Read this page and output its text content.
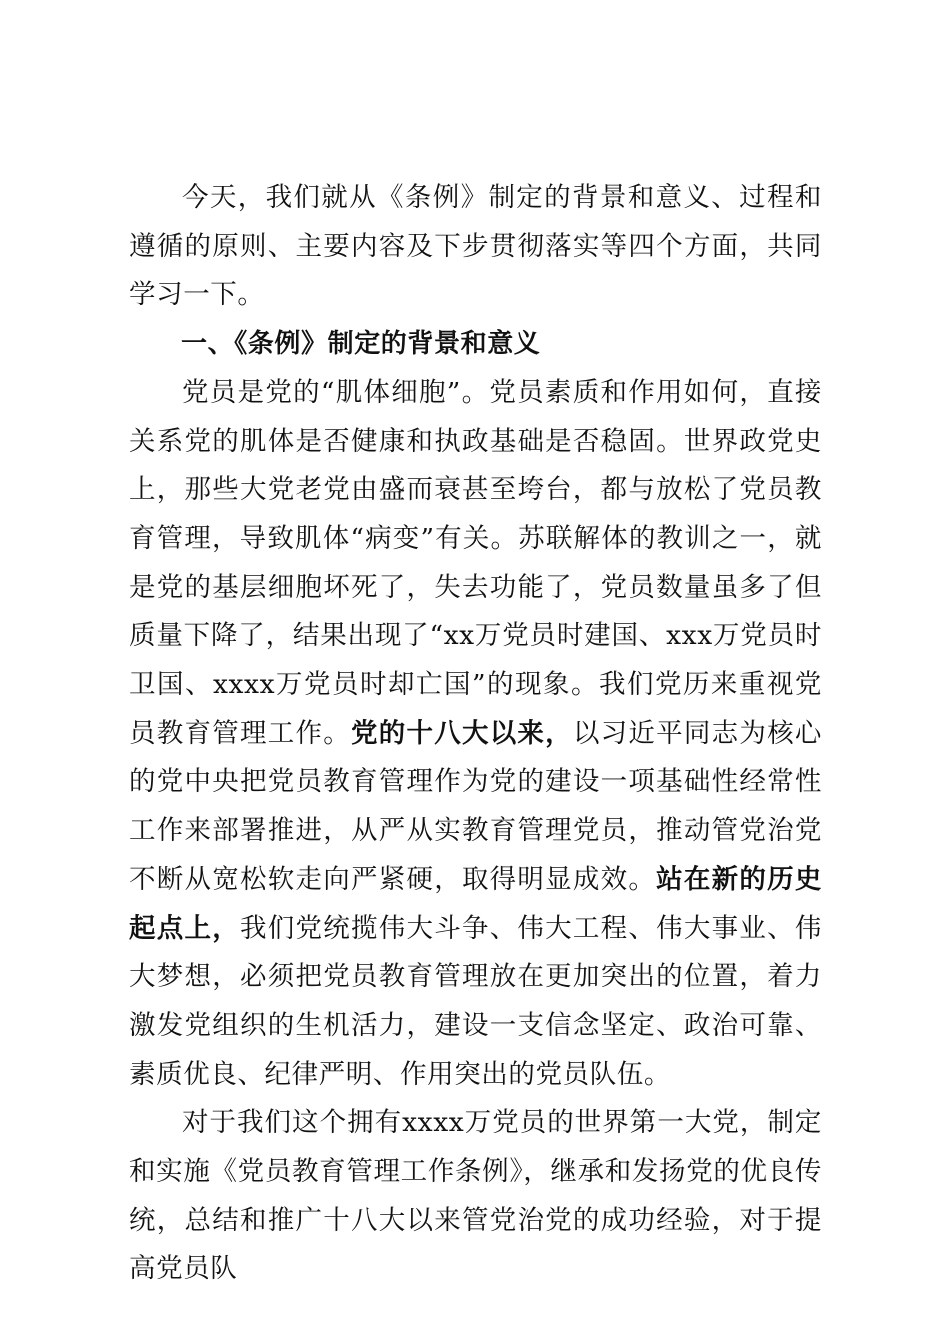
今天，我们就从《条例》制定的背景和意义、过程和遵循的原则、主要内容及下步贯彻落实等四个方面，共同学习一下。

一、《条例》制定的背景和意义

党员是党的“肌体细胞”。党员素质和作用如何，直接关系党的肌体是否健康和执政基础是否稳固。世界政党史上，那些大党老党由盛而衰甚至垮台，都与放松了党员教育管理，导致肌体“病变”有关。苏联解体的教训之一，就是党的基层细胞坏死了，失去功能了，党员数量虽多了但质量下降了，结果出现了“xx万党员时建国、xxx万党员时卫国、xxxx万党员时却亡国”的现象。我们党历来重视党员教育管理工作。党的十八大以来，以习近平同志为核心的党中央把党员教育管理作为党的建设一项基础性经常性工作来部署推进，从严从实教育管理党员，推动管党治党不断从宽松软走向严紧硬，取得明显成效。站在新的历史起点上，我们党统揽伟大斗争、伟大工程、伟大事业、伟大梦想，必须把党员教育管理放在更加突出的位置，着力激发党组织的生机活力，建设一支信念坚定、政治可靠、素质优良、纪律严明、作用突出的党员队伍。

对于我们这个拥有xxxx万党员的世界第一大党，制定和实施《党员教育管理工作条例》，继承和发扬党的优良传统，总结和推广十八大以来管党治党的成功经验，对于提高党员队
